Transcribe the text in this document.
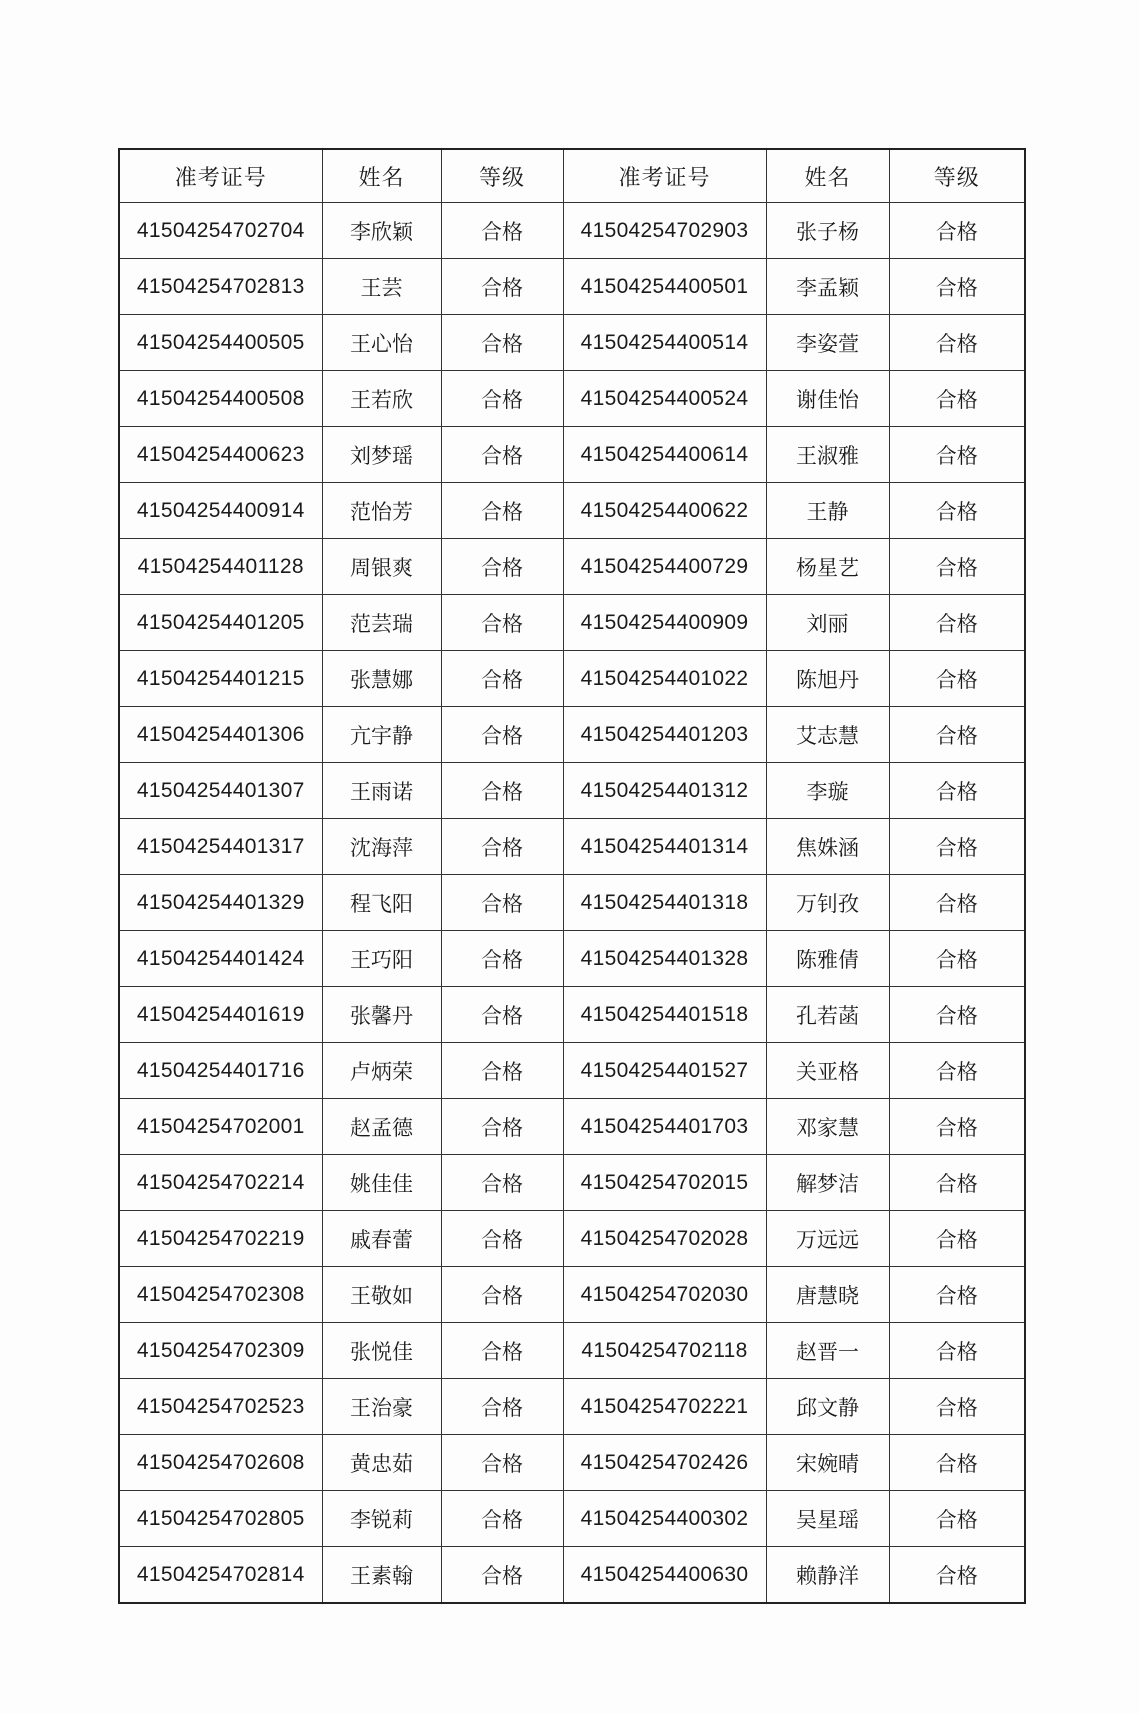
准考证号	姓名	等级	准考证号	姓名	等级
41504254702704	李欣颖	合格	41504254702903	张子杨	合格
41504254702813	王芸	合格	41504254400501	李孟颖	合格
41504254400505	王心怡	合格	41504254400514	李姿萱	合格
41504254400508	王若欣	合格	41504254400524	谢佳怡	合格
41504254400623	刘梦瑶	合格	41504254400614	王淑雅	合格
41504254400914	范怡芳	合格	41504254400622	王静	合格
41504254401128	周银爽	合格	41504254400729	杨星艺	合格
41504254401205	范芸瑞	合格	41504254400909	刘丽	合格
41504254401215	张慧娜	合格	41504254401022	陈旭丹	合格
41504254401306	亢宇静	合格	41504254401203	艾志慧	合格
41504254401307	王雨诺	合格	41504254401312	李璇	合格
41504254401317	沈海萍	合格	41504254401314	焦姝涵	合格
41504254401329	程飞阳	合格	41504254401318	万钊孜	合格
41504254401424	王巧阳	合格	41504254401328	陈雅倩	合格
41504254401619	张馨丹	合格	41504254401518	孔若菡	合格
41504254401716	卢炳荣	合格	41504254401527	关亚格	合格
41504254702001	赵孟德	合格	41504254401703	邓家慧	合格
41504254702214	姚佳佳	合格	41504254702015	解梦洁	合格
41504254702219	戚春蕾	合格	41504254702028	万远远	合格
41504254702308	王敬如	合格	41504254702030	唐慧晓	合格
41504254702309	张悦佳	合格	41504254702118	赵晋一	合格
41504254702523	王治豪	合格	41504254702221	邱文静	合格
41504254702608	黄忠茹	合格	41504254702426	宋婉晴	合格
41504254702805	李锐莉	合格	41504254400302	吴星瑶	合格
41504254702814	王素翰	合格	41504254400630	赖静洋	合格
